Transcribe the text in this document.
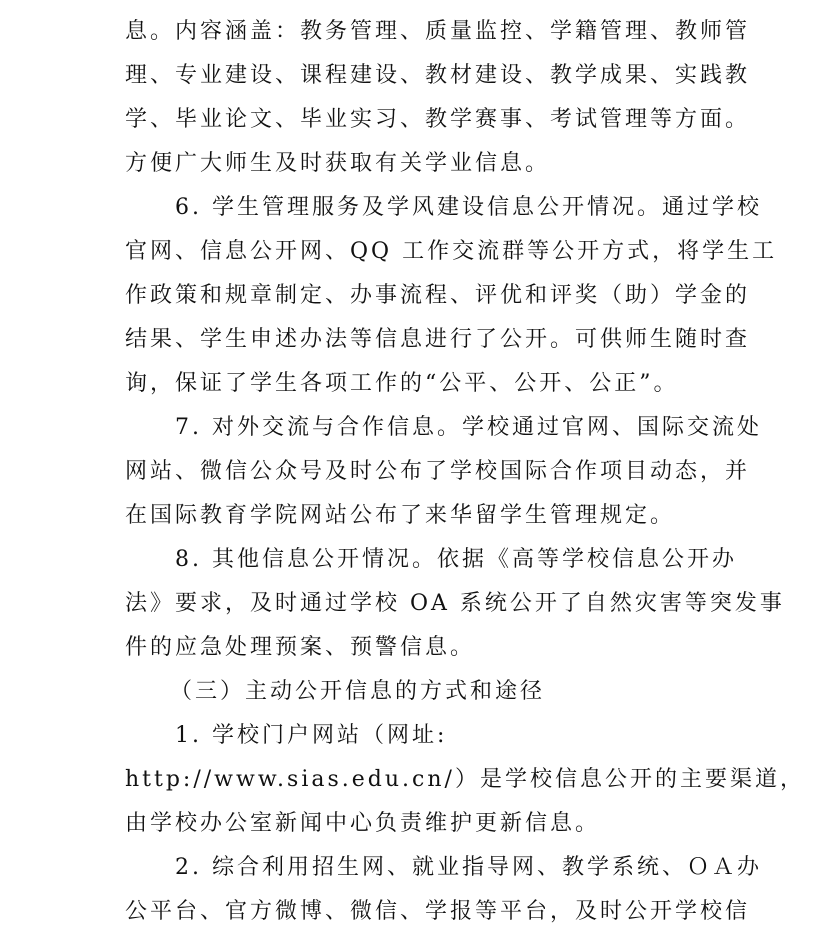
息。内容涵盖：教务管理、质量监控、学籍管理、教师管
理、专业建设、课程建设、教材建设、教学成果、实践教
学、毕业论文、毕业实习、教学赛事、考试管理等方面。
方便广大师生及时获取有关学业信息。
6. 学生管理服务及学风建设信息公开情况。通过学校
官网、信息公开网、QQ 工作交流群等公开方式，将学生工
作政策和规章制定、办事流程、评优和评奖（助）学金的
结果、学生申述办法等信息进行了公开。可供师生随时查
询，保证了学生各项工作的“公平、公开、公正”。
7. 对外交流与合作信息。学校通过官网、国际交流处
网站、微信公众号及时公布了学校国际合作项目动态，并
在国际教育学院网站公布了来华留学生管理规定。
8. 其他信息公开情况。依据《高等学校信息公开办
法》要求，及时通过学校 OA 系统公开了自然灾害等突发事
件的应急处理预案、预警信息。
（三）主动公开信息的方式和途径
1. 学校门户网站（网址:
http://www.sias.edu.cn/）是学校信息公开的主要渠道，
由学校办公室新闻中心负责维护更新信息。
2. 综合利用招生网、就业指导网、教学系统、ＯＡ办
公平台、官方微博、微信、学报等平台，及时公开学校信
